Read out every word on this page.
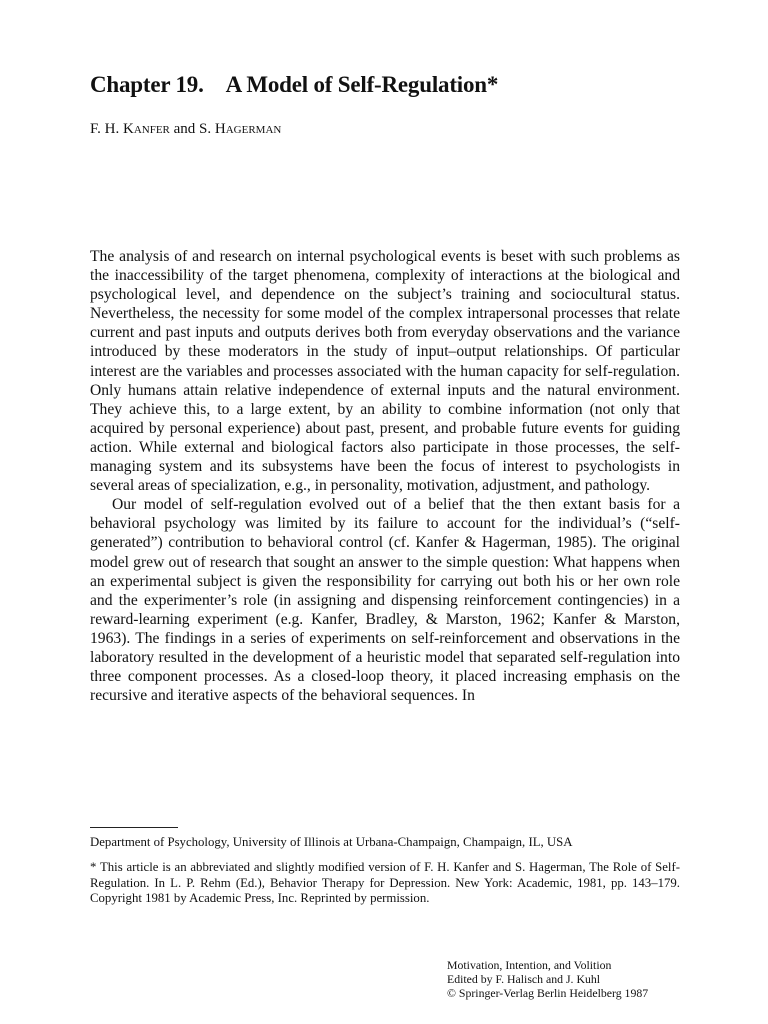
Chapter 19. A Model of Self-Regulation*

F. H. Kanfer and S. Hagerman

The analysis of and research on internal psychological events is beset with such problems as the inaccessibility of the target phenomena, complexity of interactions at the biological and psychological level, and dependence on the subject’s training and sociocultural status. Nevertheless, the necessity for some model of the complex intrapersonal processes that relate current and past inputs and outputs derives both from everyday observations and the variance introduced by these moderators in the study of input–output relationships. Of particular interest are the variables and processes associated with the human capacity for self-regulation. Only humans attain relative independence of external inputs and the natural environment. They achieve this, to a large extent, by an ability to combine information (not only that acquired by personal experience) about past, present, and probable future events for guiding action. While external and biological factors also participate in those processes, the self-managing system and its subsystems have been the focus of interest to psychologists in several areas of specialization, e.g., in personality, motivation, adjustment, and pathology.

Our model of self-regulation evolved out of a belief that the then extant basis for a behavioral psychology was limited by its failure to account for the individual’s (“self-generated”) contribution to behavioral control (cf. Kanfer & Hagerman, 1985). The original model grew out of research that sought an answer to the simple question: What happens when an experimental subject is given the responsibility for carrying out both his or her own role and the experimenter’s role (in assigning and dispensing reinforcement contingencies) in a reward-learning experiment (e.g. Kanfer, Bradley, & Marston, 1962; Kanfer & Marston, 1963). The findings in a series of experiments on self-reinforcement and observations in the laboratory resulted in the development of a heuristic model that separated self-regulation into three component processes. As a closed-loop theory, it placed increasing emphasis on the recursive and iterative aspects of the behavioral sequences. In

Department of Psychology, University of Illinois at Urbana-Champaign, Champaign, IL, USA

* This article is an abbreviated and slightly modified version of F. H. Kanfer and S. Hagerman, The Role of Self-Regulation. In L. P. Rehm (Ed.), Behavior Therapy for Depression. New York: Academic, 1981, pp. 143–179. Copyright 1981 by Academic Press, Inc. Reprinted by permission.

Motivation, Intention, and Volition
Edited by F. Halisch and J. Kuhl
© Springer-Verlag Berlin Heidelberg 1987
